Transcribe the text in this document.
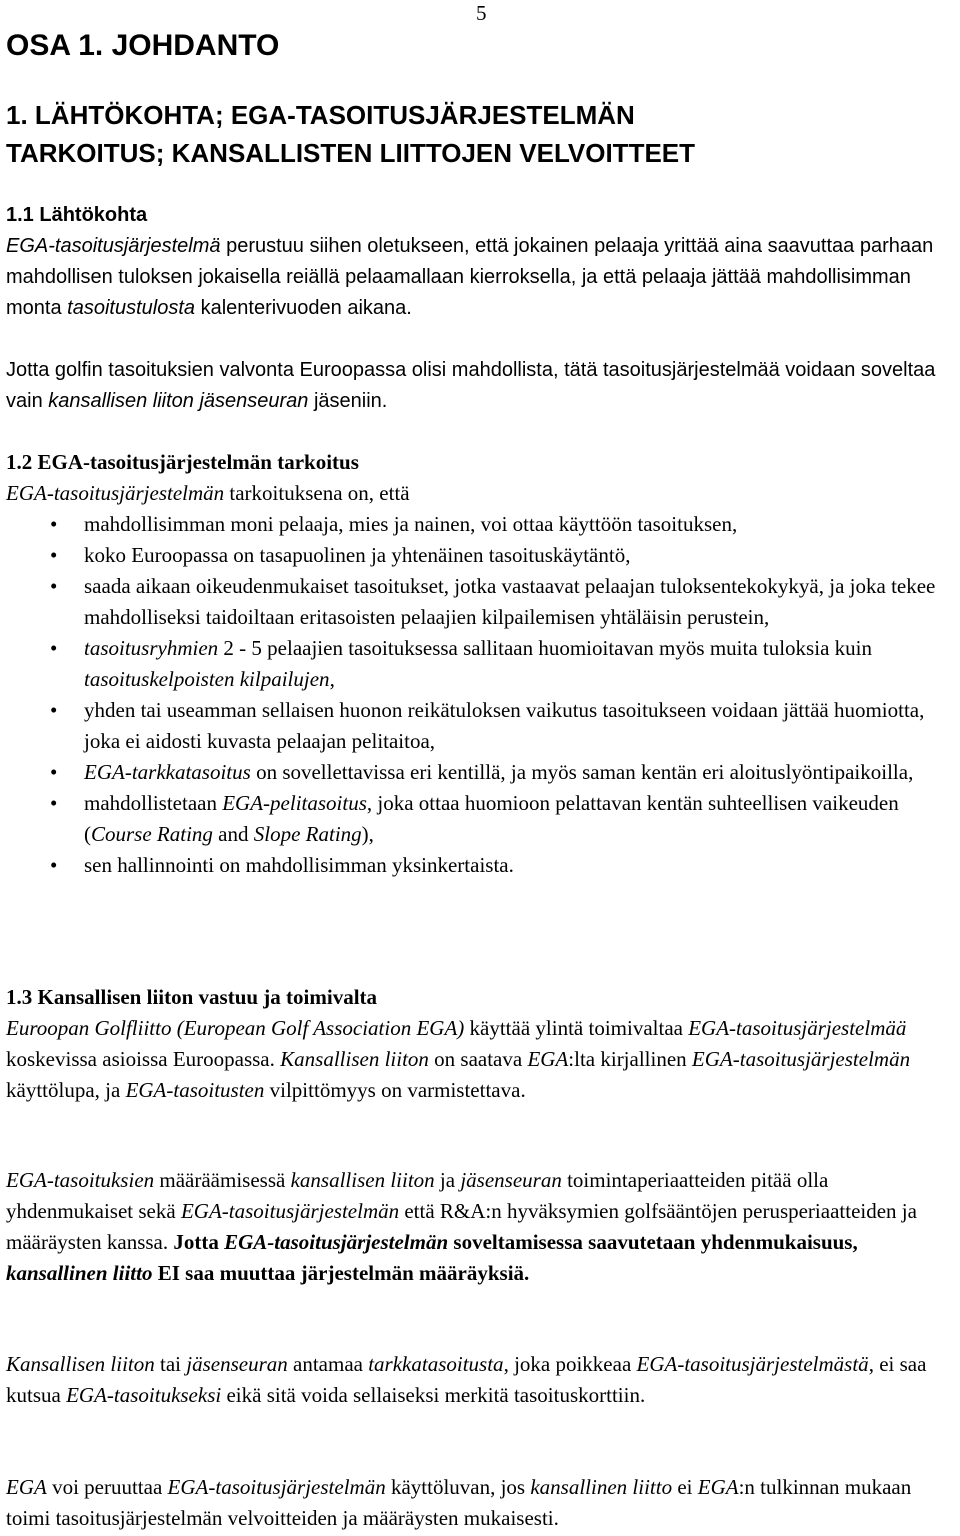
5
OSA 1. JOHDANTO
1. LÄHTÖKOHTA; EGA-TASOITUSJÄRJESTELMÄN
TARKOITUS; KANSALLISTEN LIITTOJEN VELVOITTEET
1.1 Lähtökohta

EGA-tasoitusjärjestelmä perustuu siihen oletukseen, että jokainen pelaaja yrittää aina saavuttaa parhaan mahdollisen tuloksen jokaisella reiällä pelaamallaan kierroksella, ja että pelaaja jättää mahdollisimman monta tasoitustulosta kalenterivuoden aikana.

Jotta golfin tasoituksien valvonta Euroopassa olisi mahdollista, tätä tasoitusjärjestelmää voidaan soveltaa vain kansallisen liiton jäsenseuran jäseniin.

1.2 EGA-tasoitusjärjestelmän tarkoitus

EGA-tasoitusjärjestelmän tarkoituksena on, että

• mahdollisimman moni pelaaja, mies ja nainen, voi ottaa käyttöön tasoituksen,
• koko Euroopassa on tasapuolinen ja yhtenäinen tasoituskäytäntö,
• saada aikaan oikeudenmukaiset tasoitukset, jotka vastaavat pelaajan tuloksentekokykyä, ja joka tekee mahdolliseksi taidoiltaan eritasoisten pelaajien kilpailemisen yhtäläisin perustein,
• tasoitusryhmien 2 - 5 pelaajien tasoituksessa sallitaan huomioitavan myös muita tuloksia kuin tasoituskelpoisten kilpailujen,
• yhden tai useamman sellaisen huonon reikätuloksen vaikutus tasoitukseen voidaan jättää huomiotta, joka ei aidosti kuvasta pelaajan pelitaitoa,
• EGA-tarkkatasoitus on sovellettavissa eri kentillä, ja myös saman kentän eri aloituslyöntipaikoilla,
• mahdollistetaan EGA-pelitasoitus, joka ottaa huomioon pelattavan kentän suhteellisen vaikeuden (Course Rating and Slope Rating),
• sen hallinnointi on mahdollisimman yksinkertaista.
1.3 Kansallisen liiton vastuu ja toimivalta

Euroopan Golfliitto (European Golf Association EGA) käyttää ylintä toimivaltaa EGA-tasoitusjärjestelmää koskevissa asioissa Euroopassa. Kansallisen liiton on saatava EGA:lta kirjallinen EGA-tasoitusjärjestelmän käyttölupa, ja EGA-tasoitusten vilpittömyys on varmistettava.

EGA-tasoituksien määräämisessä kansallisen liiton ja jäsenseuran toimintaperiaatteiden pitää olla yhdenmukaiset sekä EGA-tasoitusjärjestelmän että R&A:n hyväksymien golfsääntöjen perusperiaatteiden ja määräysten kanssa. Jotta EGA-tasoitusjärjestelmän soveltamisessa saavutetaan yhdenmukaisuus, kansallinen liitto EI saa muuttaa järjestelmän määräyksiä.

Kansallisen liiton tai jäsenseuran antamaa tarkkatasoitusta, joka poikkeaa EGA-tasoitusjärjestelmästä, ei saa kutsua EGA-tasoitukseksi eikä sitä voida sellaiseksi merkitä tasoituskorttiin.

EGA voi peruuttaa EGA-tasoitusjärjestelmän käyttöluvan, jos kansallinen liitto ei EGA:n tulkinnan mukaan toimi tasoitusjärjestelmän velvoitteiden ja määräysten mukaisesti.
